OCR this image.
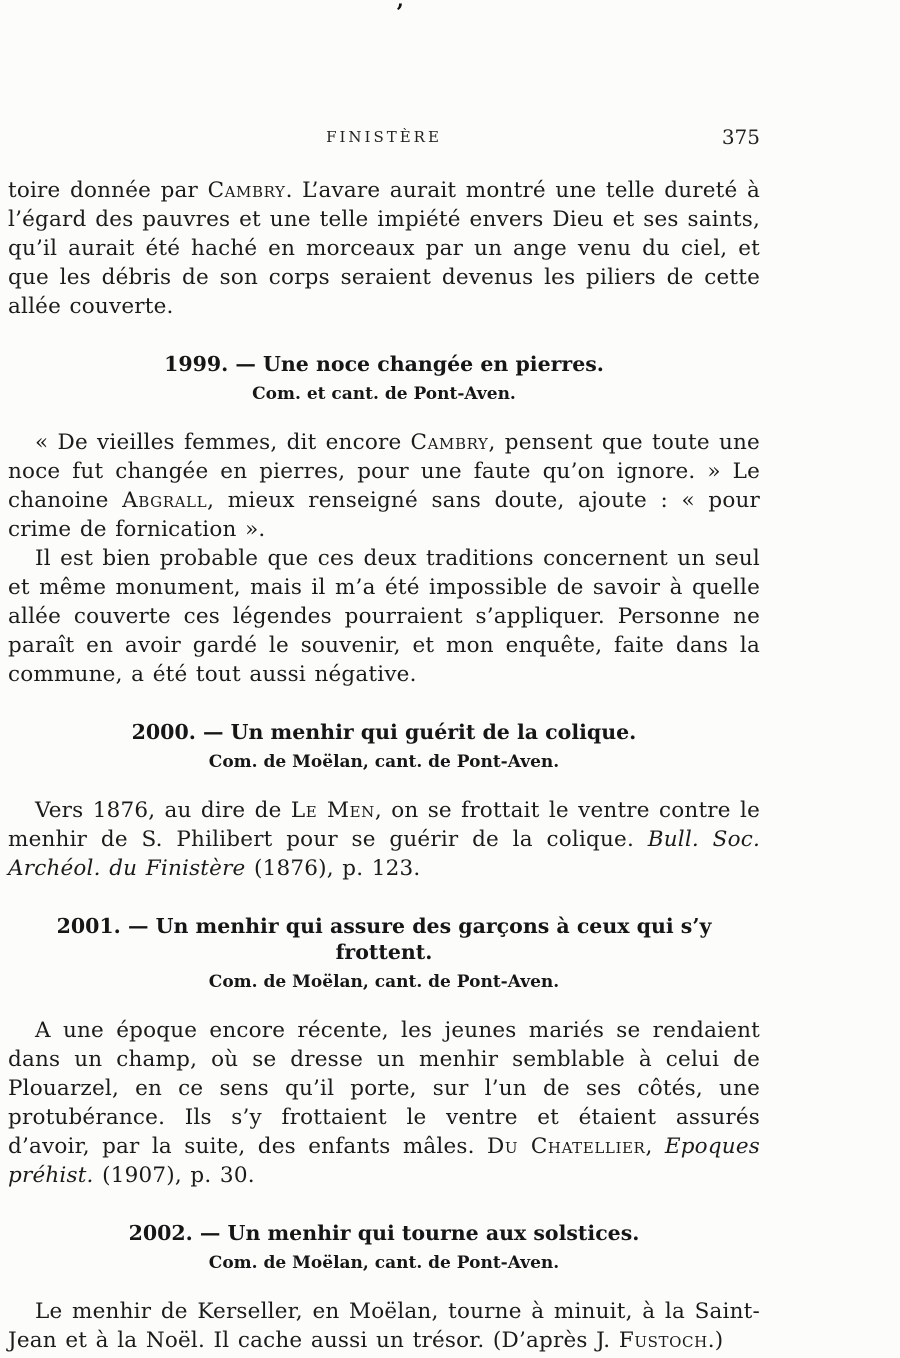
’
FINISTÈRE	375

toire donnée par Cambry. L’avare aurait montré une telle dureté à l’égard des pauvres et une telle impiété envers Dieu et ses saints, qu’il aurait été haché en morceaux par un ange venu du ciel, et que les débris de son corps seraient devenus les piliers de cette allée couverte.

1999. — Une noce changée en pierres.
Com. et cant. de Pont-Aven.

« De vieilles femmes, dit encore Cambry, pensent que toute une noce fut changée en pierres, pour une faute qu’on ignore. » Le chanoine Abgrall, mieux renseigné sans doute, ajoute : « pour crime de fornication ».

Il est bien probable que ces deux traditions concernent un seul et même monument, mais il m’a été impossible de savoir à quelle allée couverte ces légendes pourraient s’appliquer. Personne ne paraît en avoir gardé le souvenir, et mon enquête, faite dans la commune, a été tout aussi négative.

2000. — Un menhir qui guérit de la colique.
Com. de Moëlan, cant. de Pont-Aven.

Vers 1876, au dire de Le Men, on se frottait le ventre contre le menhir de S. Philibert pour se guérir de la colique. Bull. Soc. Archéol. du Finistère (1876), p. 123.

2001. — Un menhir qui assure des garçons à ceux qui s’y frottent.
Com. de Moëlan, cant. de Pont-Aven.

A une époque encore récente, les jeunes mariés se rendaient dans un champ, où se dresse un menhir semblable à celui de Plouarzel, en ce sens qu’il porte, sur l’un de ses côtés, une protubérance. Ils s’y frottaient le ventre et étaient assurés d’avoir, par la suite, des enfants mâles. Du Chatellier, Epoques préhist. (1907), p. 30.

2002. — Un menhir qui tourne aux solstices.
Com. de Moëlan, cant. de Pont-Aven.

Le menhir de Kerseller, en Moëlan, tourne à minuit, à la Saint-Jean et à la Noël. Il cache aussi un trésor. (D’après J. Fustoch.)
